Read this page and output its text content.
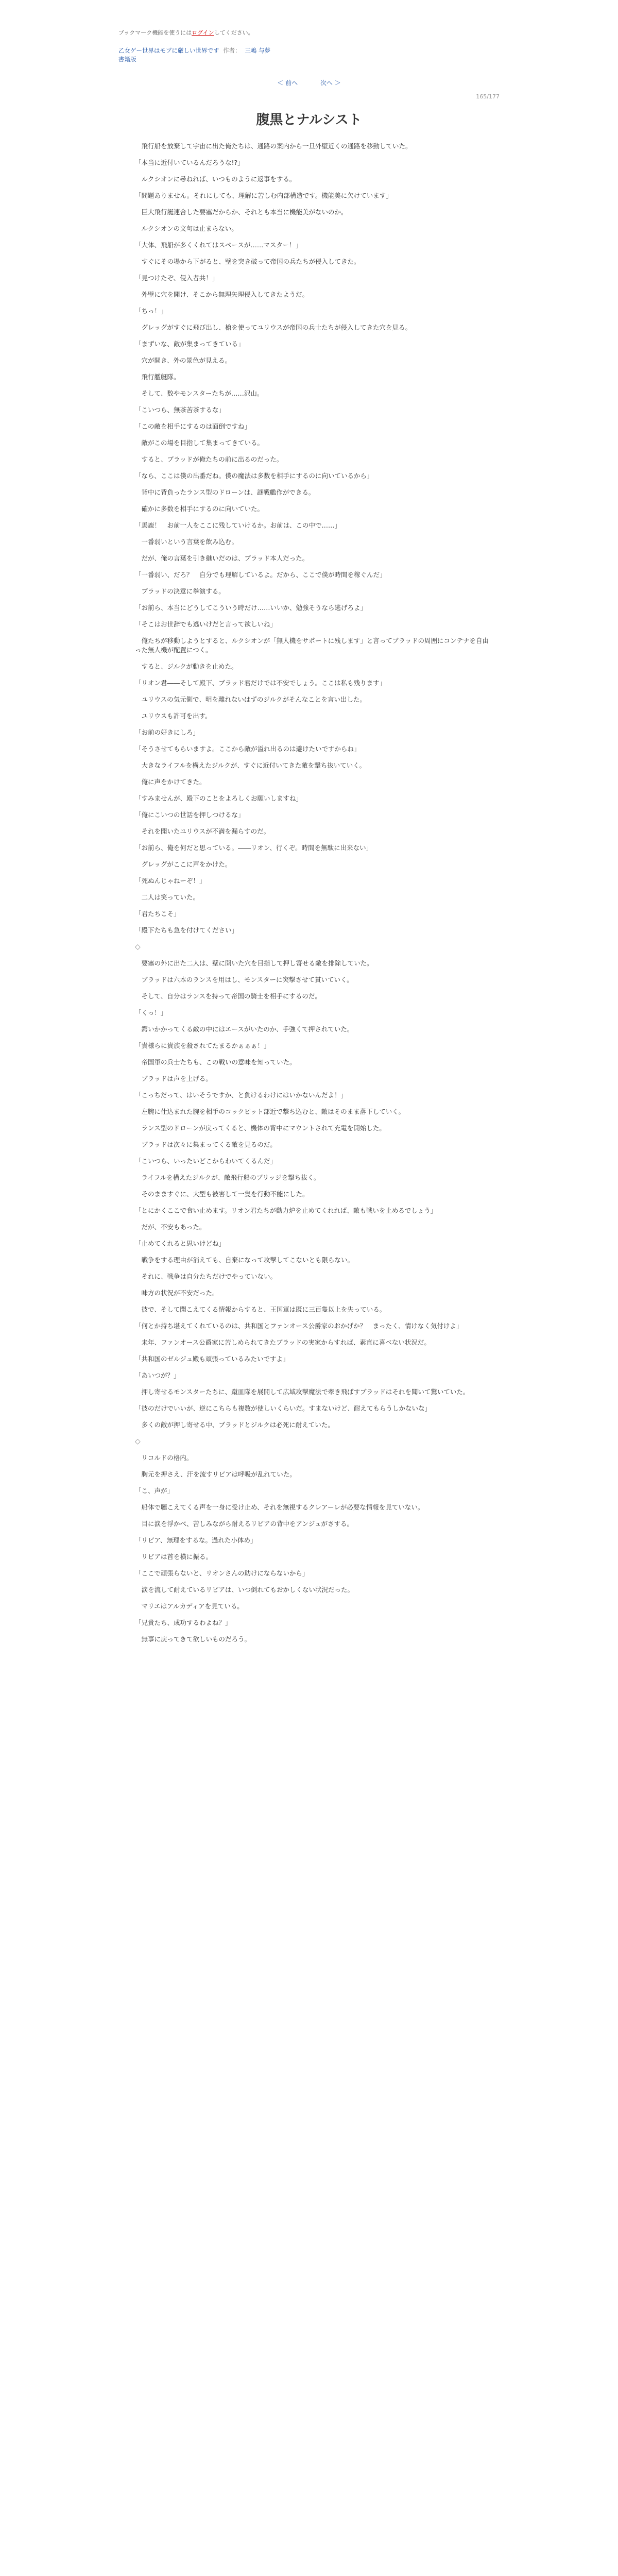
ブックマーク機能を使うにはログインしてください。
乙女ゲー世界はモブに厳しい世界です 作者： 三嶋 与夢
書籍版
＜ 前へ	次へ ＞
165/177
腹黒とナルシスト

　飛行船を放棄して宇宙に出た俺たちは、通路の案内から一旦外壁近くの通路を移動していた。

「本当に近付いているんだろうな!?」

　ルクシオンに尋ねれば、いつものように返事をする。

「問題ありません。それにしても、理解に苦しむ内部構造です。機能美に欠けています」

　巨大飛行艇連合した要塞だからか、それとも本当に機能美がないのか。

　ルクシオンの文句は止まらない。

「大体、飛船が多くくれてはスペースが……マスター！」

　すぐにその場から下がると、壁を突き破って帝国の兵たちが侵入してきた。

「見つけたぞ、侵入者共！」

　外壁に穴を開け、そこから無理矢理侵入してきたようだ。

「ちっ！」

　グレッグがすぐに飛び出し、槍を使ってユリウスが帝国の兵士たちが侵入してきた穴を見る。

「まずいな、敵が集まってきている」

　穴が開き、外の景色が見える。

　飛行艦艇隊。

　そして、数やモンスターたちが……沢山。

「こいつら、無茶苦茶するな」

「この敵を相手にするのは面倒ですね」

　敵がこの場を目指して集まってきている。

　すると、ブラッドが俺たちの前に出るのだった。

「なら、ここは僕の出番だね。僕の魔法は多数を相手にするのに向いているから」

　背中に背負ったランス型のドローンは、謎戦艦作ができる。

　確かに多数を相手にするのに向いていた。

「馬鹿！　お前一人をここに残していけるか。お前は、この中で……」

　一番弱いという言葉を飲み込む。

　だが、俺の言葉を引き継いだのは、ブラッド本人だった。

「一番弱い、だろ？　自分でも理解しているよ。だから、ここで僕が時間を稼ぐんだ」

　ブラッドの決意に拳演する。

「お前ら、本当にどうしてこういう時だけ……いいか、勉強そうなら逃げろよ」

「そこはお世辞でも逃いけだと言って欲しいね」

　俺たちが移動しようとすると、ルクシオンが「無人機をサポートに残します」と言ってブラッドの周囲にコンテナを自由った無人機が配置につく。

　すると、ジルクが動きを止めた。

「リオン君――そして殿下、ブラッド君だけでは不安でしょう。ここは私も残ります」

　ユリウスの気元側で、明を離れないはずのジルクがそんなことを言い出した。

　ユリウスも許可を出す。

「お前の好きにしろ」

「そうさせてもらいますよ。ここから敵が溢れ出るのは避けたいですからね」

　大きなライフルを構えたジルクが、すぐに近付いてきた敵を撃ち抜いていく。

　俺に声をかけてきた。

「すみませんが、殿下のことをよろしくお願いしますね」

「俺にこいつの世話を押しつけるな」

　それを聞いたユリウスが不満を漏らすのだ。

「お前ら、俺を何だと思っている。――リオン、行くぞ。時間を無駄に出来ない」

　グレッグがここに声をかけた。

「死ぬんじゃねーぞ！」

　二人は笑っていた。

「君たちこそ」

「殿下たちも急を付けてください」

◇

　要塞の外に出た二人は、壁に開いた穴を目指して押し寄せる敵を排除していた。

　ブラッドは六本のランスを用はし、モンスターに突撃させて貫いていく。

　そして、自分はランスを持って帝国の騎士を相手にするのだ。

「くっ！」

　鍔いかかってくる敵の中にはエースがいたのか、手強くて押されていた。

「貴様らに貴族を殺されてたまるかぁぁぁ！」

　帝国軍の兵士たちも、この戦いの意味を知っていた。

　ブラッドは声を上げる。

「こっちだって、はいそうですか、と負けるわけにはいかないんだよ！」

　左腕に仕込まれた腕を相手のコックピット部近で撃ち込むと、敵はそのまま落下していく。

　ランス型のドローンが戻ってくると、機体の背中にマウントされて充電を開始した。

　ブラッドは次々に集まってくる敵を見るのだ。

「こいつら、いったいどこからわいてくるんだ」

　ライフルを構えたジルクが、敵飛行船のブリッジを撃ち抜く。

　そのまますぐに、大型も被害して一隻を行動不能にした。

「とにかくここで食い止めます。リオン君たちが動力炉を止めてくれれば、敵も戦いを止めるでしょう」

　だが、不安もあった。

「止めてくれると思いけどね」

　戦争をする理由が消えても、自棄になって攻撃してこないとも限らない。

　それに、戦争は自分たちだけでやっていない。

　味方の状況が不安だった。

　彼で、そして聞こえてくる情報からすると、王国軍は既に三百隻以上を失っている。

「何とか持ち堪えてくれているのは、共和国とファンオース公爵家のおかげか？　まったく、情けなく気付けよ」

　未年、ファンオース公爵家に苦しめられてきたブラッドの実家からすれば、素直に喜べない状況だ。

「共和国のゼルジュ殿も頑張っているみたいですよ」

「あいつが？」

　押し寄せるモンスターたちに、蹴皿隊を展開して広域攻撃魔法で牽き飛ばすブラッドはそれを聞いて驚いていた。

「彼のだけでいいが、逆にこちらも複数が使しいくらいだ。すまないけど、耐えてもらうしかないな」

　多くの敵が押し寄せる中、ブラッドとジルクは必死に耐えていた。

◇

　リコルドの格内。

　胸元を押さえ、汗を流すリビアは呼吸が乱れていた。

「こ、声が」

　船体で聴こえてくる声を一身に受け止め、それを無視するクレアーレが必要な情報を見ていない。

　目に涙を浮かべ、苦しみながら耐えるリビアの背中をアンジュがさする。

「リビア、無理をするな。過れた小体め」

　リビアは首を横に振る。

「ここで頑張らないと、リオンさんの助けにならないから」

　涙を流して耐えているリビアは、いつ倒れてもおかしくない状況だった。

　マリエはアルカディアを見ている。

「兄貴たち、成功するわよね？」

　無事に戻ってきて欲しいものだろう。
